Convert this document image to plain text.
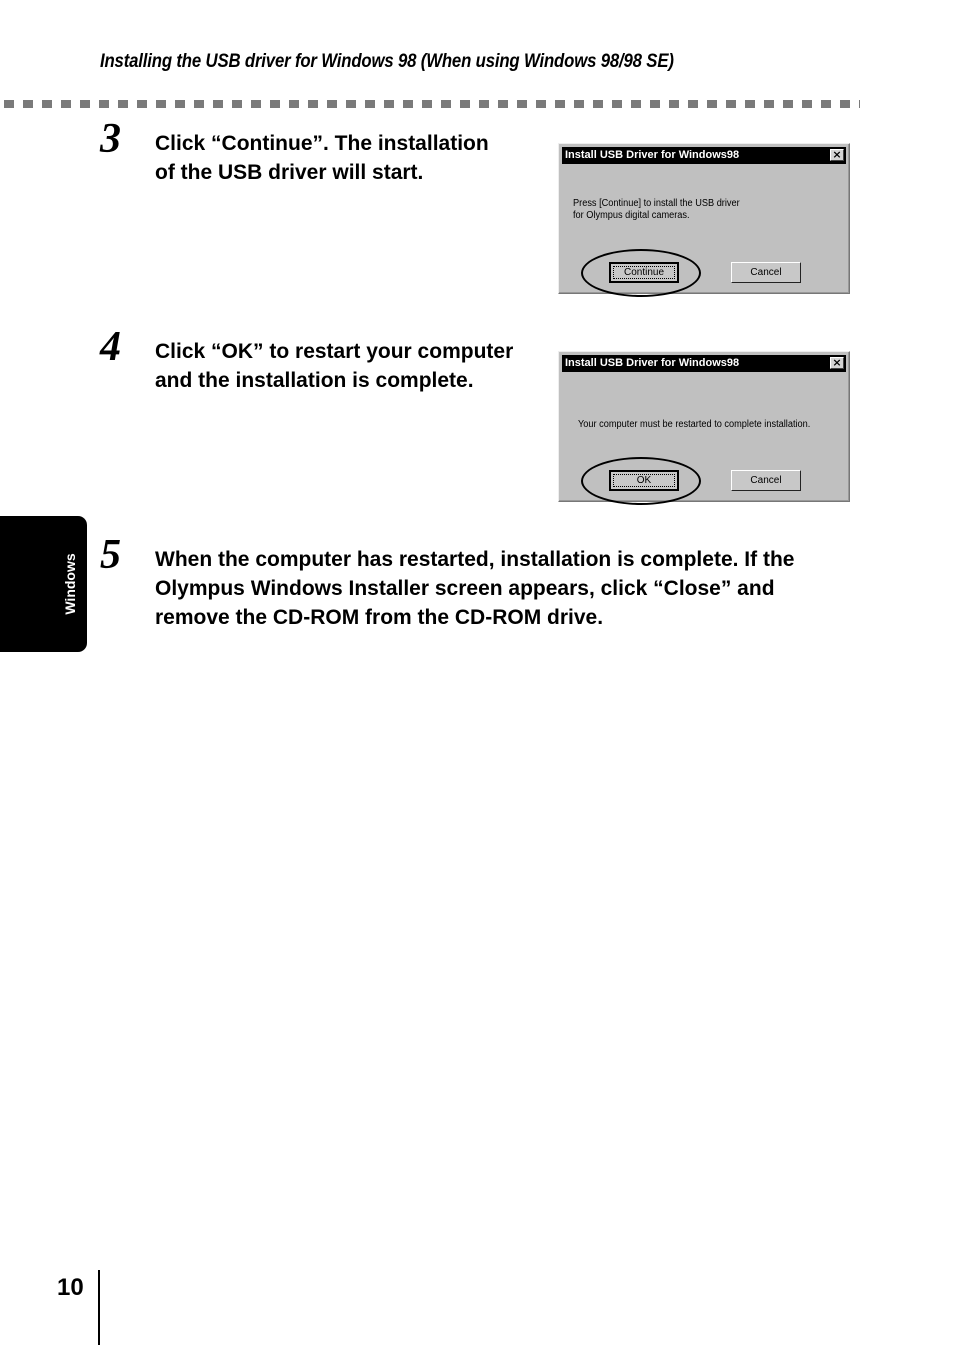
Installing the USB driver for Windows 98 (When using Windows 98/98 SE)
3 Click “Continue”. The installation
of the USB driver will start.
Install USB Driver for Windows98	×
Press [Continue] to install the USB driver
for Olympus digital cameras.
Continue	Cancel
4 Click “OK” to restart your computer
and the installation is complete.
Install USB Driver for Windows98	×
Your computer must be restarted to complete installation.
OK	Cancel
5 When the computer has restarted, installation is complete. If the
Olympus Windows Installer screen appears, click “Close” and
remove the CD-ROM from the CD-ROM drive.
Windows
10
